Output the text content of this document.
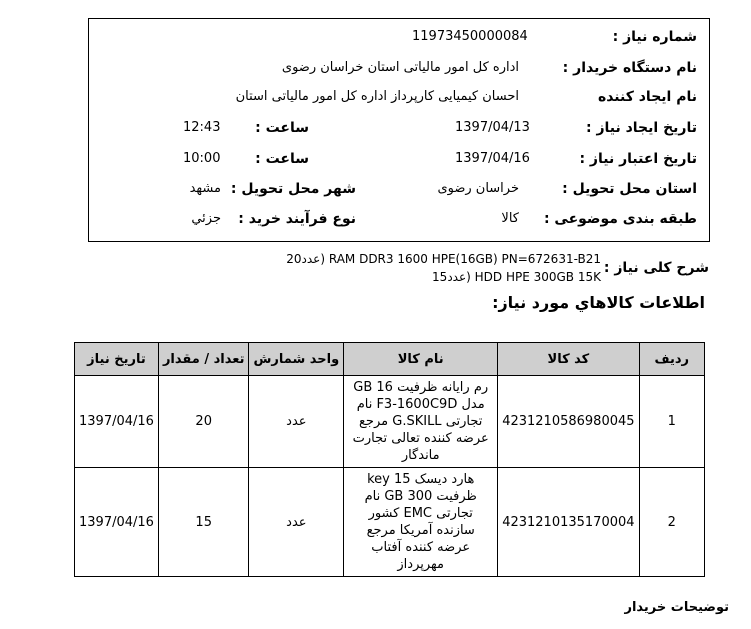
شماره نیاز :
11973450000084
نام دستگاه خریدار :
اداره کل امور مالیاتی استان خراسان رضوی
نام ایجاد کننده
احسان کیمیایی کارپرداز اداره کل امور مالیاتی استان
تاریخ ایجاد نیاز :
1397/04/13
ساعت :
12:43
تاریخ اعتبار نیاز :
1397/04/16
ساعت :
10:00
استان محل تحویل :
خراسان رضوی
شهر محل تحویل :
مشهد
طبقه بندی موضوعی :
کالا
نوع فرآیند خرید :
جزئي
شرح کلی نیاز :
RAM DDR3 1600 HPE(16GB) PN=672631-B21 (عدد20
HDD HPE 300GB 15K (عدد15
اطلاعات کالاهاي مورد نياز:
ردیف	کد کالا	نام کالا	واحد شمارش	تعداد / مقدار	تاریخ نیاز
1	4231210586980045	رم رایانه ظرفیت 16 GB مدل F3-1600C9D نام تجارتی G.SKILL مرجع عرضه کننده تعالی تجارت ماندگار	عدد	20	1397/04/16
2	4231210135170004	هارد دیسک 15 key ظرفیت 300 GB نام تجارتی EMC کشور سازنده آمریکا مرجع عرضه کننده آفتاب مهرپرداز	عدد	15	1397/04/16
توضیحات خریدار
